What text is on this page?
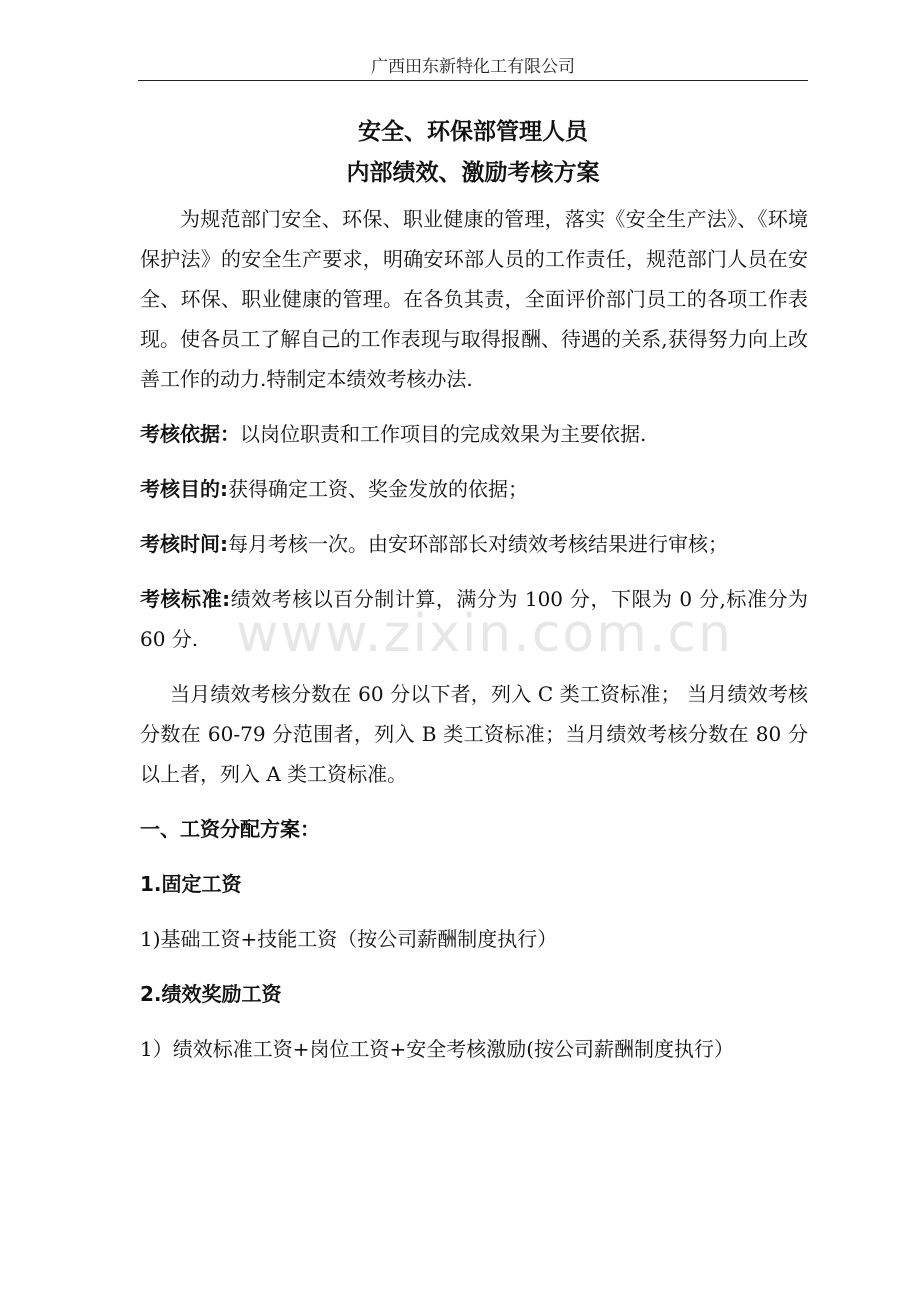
广西田东新特化工有限公司
安全、环保部管理人员
内部绩效、激励考核方案

为规范部门安全、环保、职业健康的管理，落实《安全生产法》、《环境保护法》的安全生产要求，明确安环部人员的工作责任，规范部门人员在安全、环保、职业健康的管理。在各负其责，全面评价部门员工的各项工作表现。使各员工了解自己的工作表现与取得报酬、待遇的关系,获得努力向上改善工作的动力.特制定本绩效考核办法.

考核依据：以岗位职责和工作项目的完成效果为主要依据.

考核目的:获得确定工资、奖金发放的依据；

考核时间:每月考核一次。由安环部部长对绩效考核结果进行审核；

考核标准:绩效考核以百分制计算，满分为 100 分，下限为 0 分,标准分为 60 分.

当月绩效考核分数在 60 分以下者，列入 C 类工资标准； 当月绩效考核分数在 60-79 分范围者，列入 B 类工资标准；当月绩效考核分数在 80 分以上者，列入 A 类工资标准。

一、工资分配方案：

1.固定工资

1)基础工资+技能工资（按公司薪酬制度执行）

2.绩效奖励工资

1）绩效标准工资+岗位工资+安全考核激励(按公司薪酬制度执行）

www.zixin.com.cn
